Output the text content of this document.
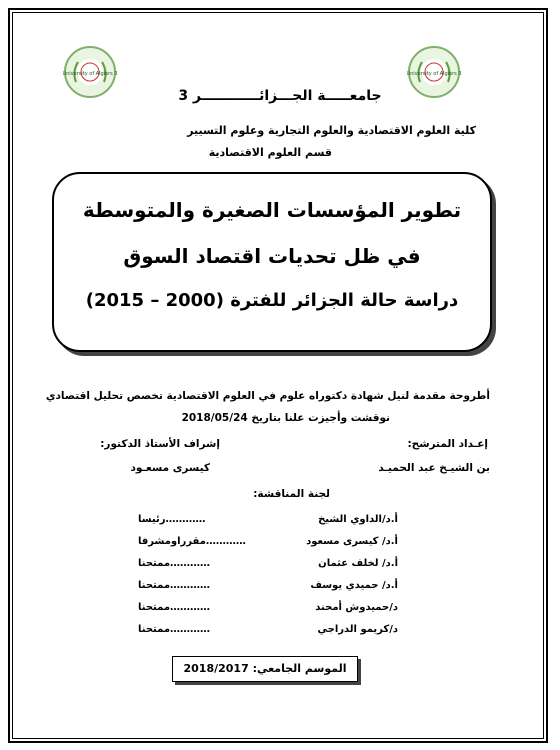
University of Algiers 3	University of Algiers 3
جامعـــــة الجـــزائــــــــــــر 3
كلية العلوم الاقتصادية والعلوم التجارية وعلوم التسيير
قسم العلوم الاقتصادية
تطوير المؤسسات الصغيرة والمتوسطة
في ظل تحديات اقتصاد السوق
دراسة حالة الجزائر للفترة (2000 – 2015)
أطروحة مقدمة لنيل شهادة دكتوراه علوم في العلوم الاقتصادية تخصص تحليل اقتصادي
نوقشت وأجيزت علنا بتاريخ 2018/05/24
إعـداد المترشح:
بن الشيـخ عبد الحميـد
إشراف الأستاذ الدكتور:
كيسرى مسعـود
لجنة المناقشة:
أ.د/الداوي الشيخ
…………رئيسا
أ.د/ كيسرى مسعود
…………مقرراومشرفا
أ.د/ لخلف عثمان
…………ممتحنا
أ.د/ حميدي يوسف
…………ممتحنا
د/حميدوش أمحند
…………ممتحنا
د/كريمو الدراجي
…………ممتحنا
الموسم الجامعي: 2018/2017
